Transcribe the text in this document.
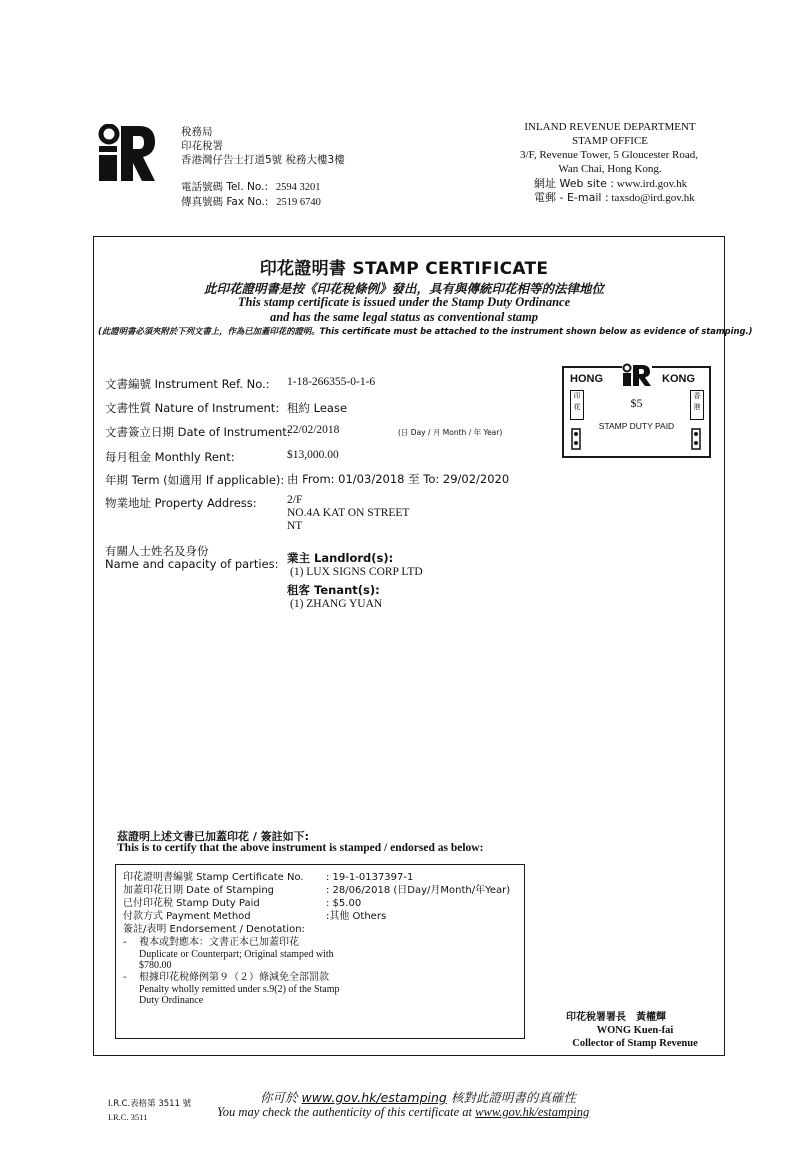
稅務局
印花稅署
香港灣仔告士打道5號 稅務大樓3樓
電話號碼 Tel. No.: 2594 3201
傳真號碼 Fax No.: 2519 6740
INLAND REVENUE DEPARTMENT
STAMP OFFICE
3/F, Revenue Tower, 5 Gloucester Road,
Wan Chai, Hong Kong.
網址 Web site : www.ird.gov.hk
電郵 - E-mail : taxsdo@ird.gov.hk
印花證明書 STAMP CERTIFICATE
此印花證明書是按《印花稅條例》發出，具有與傳統印花相等的法律地位
This stamp certificate is issued under the Stamp Duty Ordinance
and has the same legal status as conventional stamp
(此證明書必須夾附於下列文書上，作為已加蓋印花的證明。This certificate must be attached to the instrument shown below as evidence of stamping.)
文書編號 Instrument Ref. No.: 1-18-266355-0-1-6
文書性質 Nature of Instrument: 租約 Lease
文書簽立日期 Date of Instrument:
22/02/2018	(日 Day / 月 Month / 年 Year)
每月租金 Monthly Rent:	$13,000.00
年期 Term (如適用 If applicable): 由 From: 01/03/2018 至 To: 29/02/2020
物業地址 Property Address:	2/F
NO.4A KAT ON STREET
NT
有關人士姓名及身份
Name and capacity of parties: 業主 Landlord(s):
(1) LUX SIGNS CORP LTD
租客 Tenant(s):
(1) ZHANG YUAN
HONG	KONG
印花
香港
$5
STAMP DUTY PAID
茲證明上述文書已加蓋印花 / 簽註如下:
This is to certify that the above instrument is stamped / endorsed as below:
印花證明書編號 Stamp Certificate No. : 19-1-0137397-1
加蓋印花日期 Date of Stamping	: 28/06/2018 (日Day/月Month/年Year)
已付印花稅 Stamp Duty Paid	: $5.00
付款方式 Payment Method	:其他 Others
簽註/表明 Endorsement / Denotation:
- 複本或對應本：文書正本已加蓋印花
Duplicate or Counterpart; Original stamped with
$780.00
- 根據印花稅條例第９（２）條減免全部罰款
Penalty wholly remitted under s.9(2) of the Stamp
Duty Ordinance
印花稅署署長　黃權輝
WONG Kuen-fai
Collector of Stamp Revenue
I.R.C.表格第 3511 號
I.R.C. 3511
你可於 www.gov.hk/estamping 核對此證明書的真確性
You may check the authenticity of this certificate at www.gov.hk/estamping
